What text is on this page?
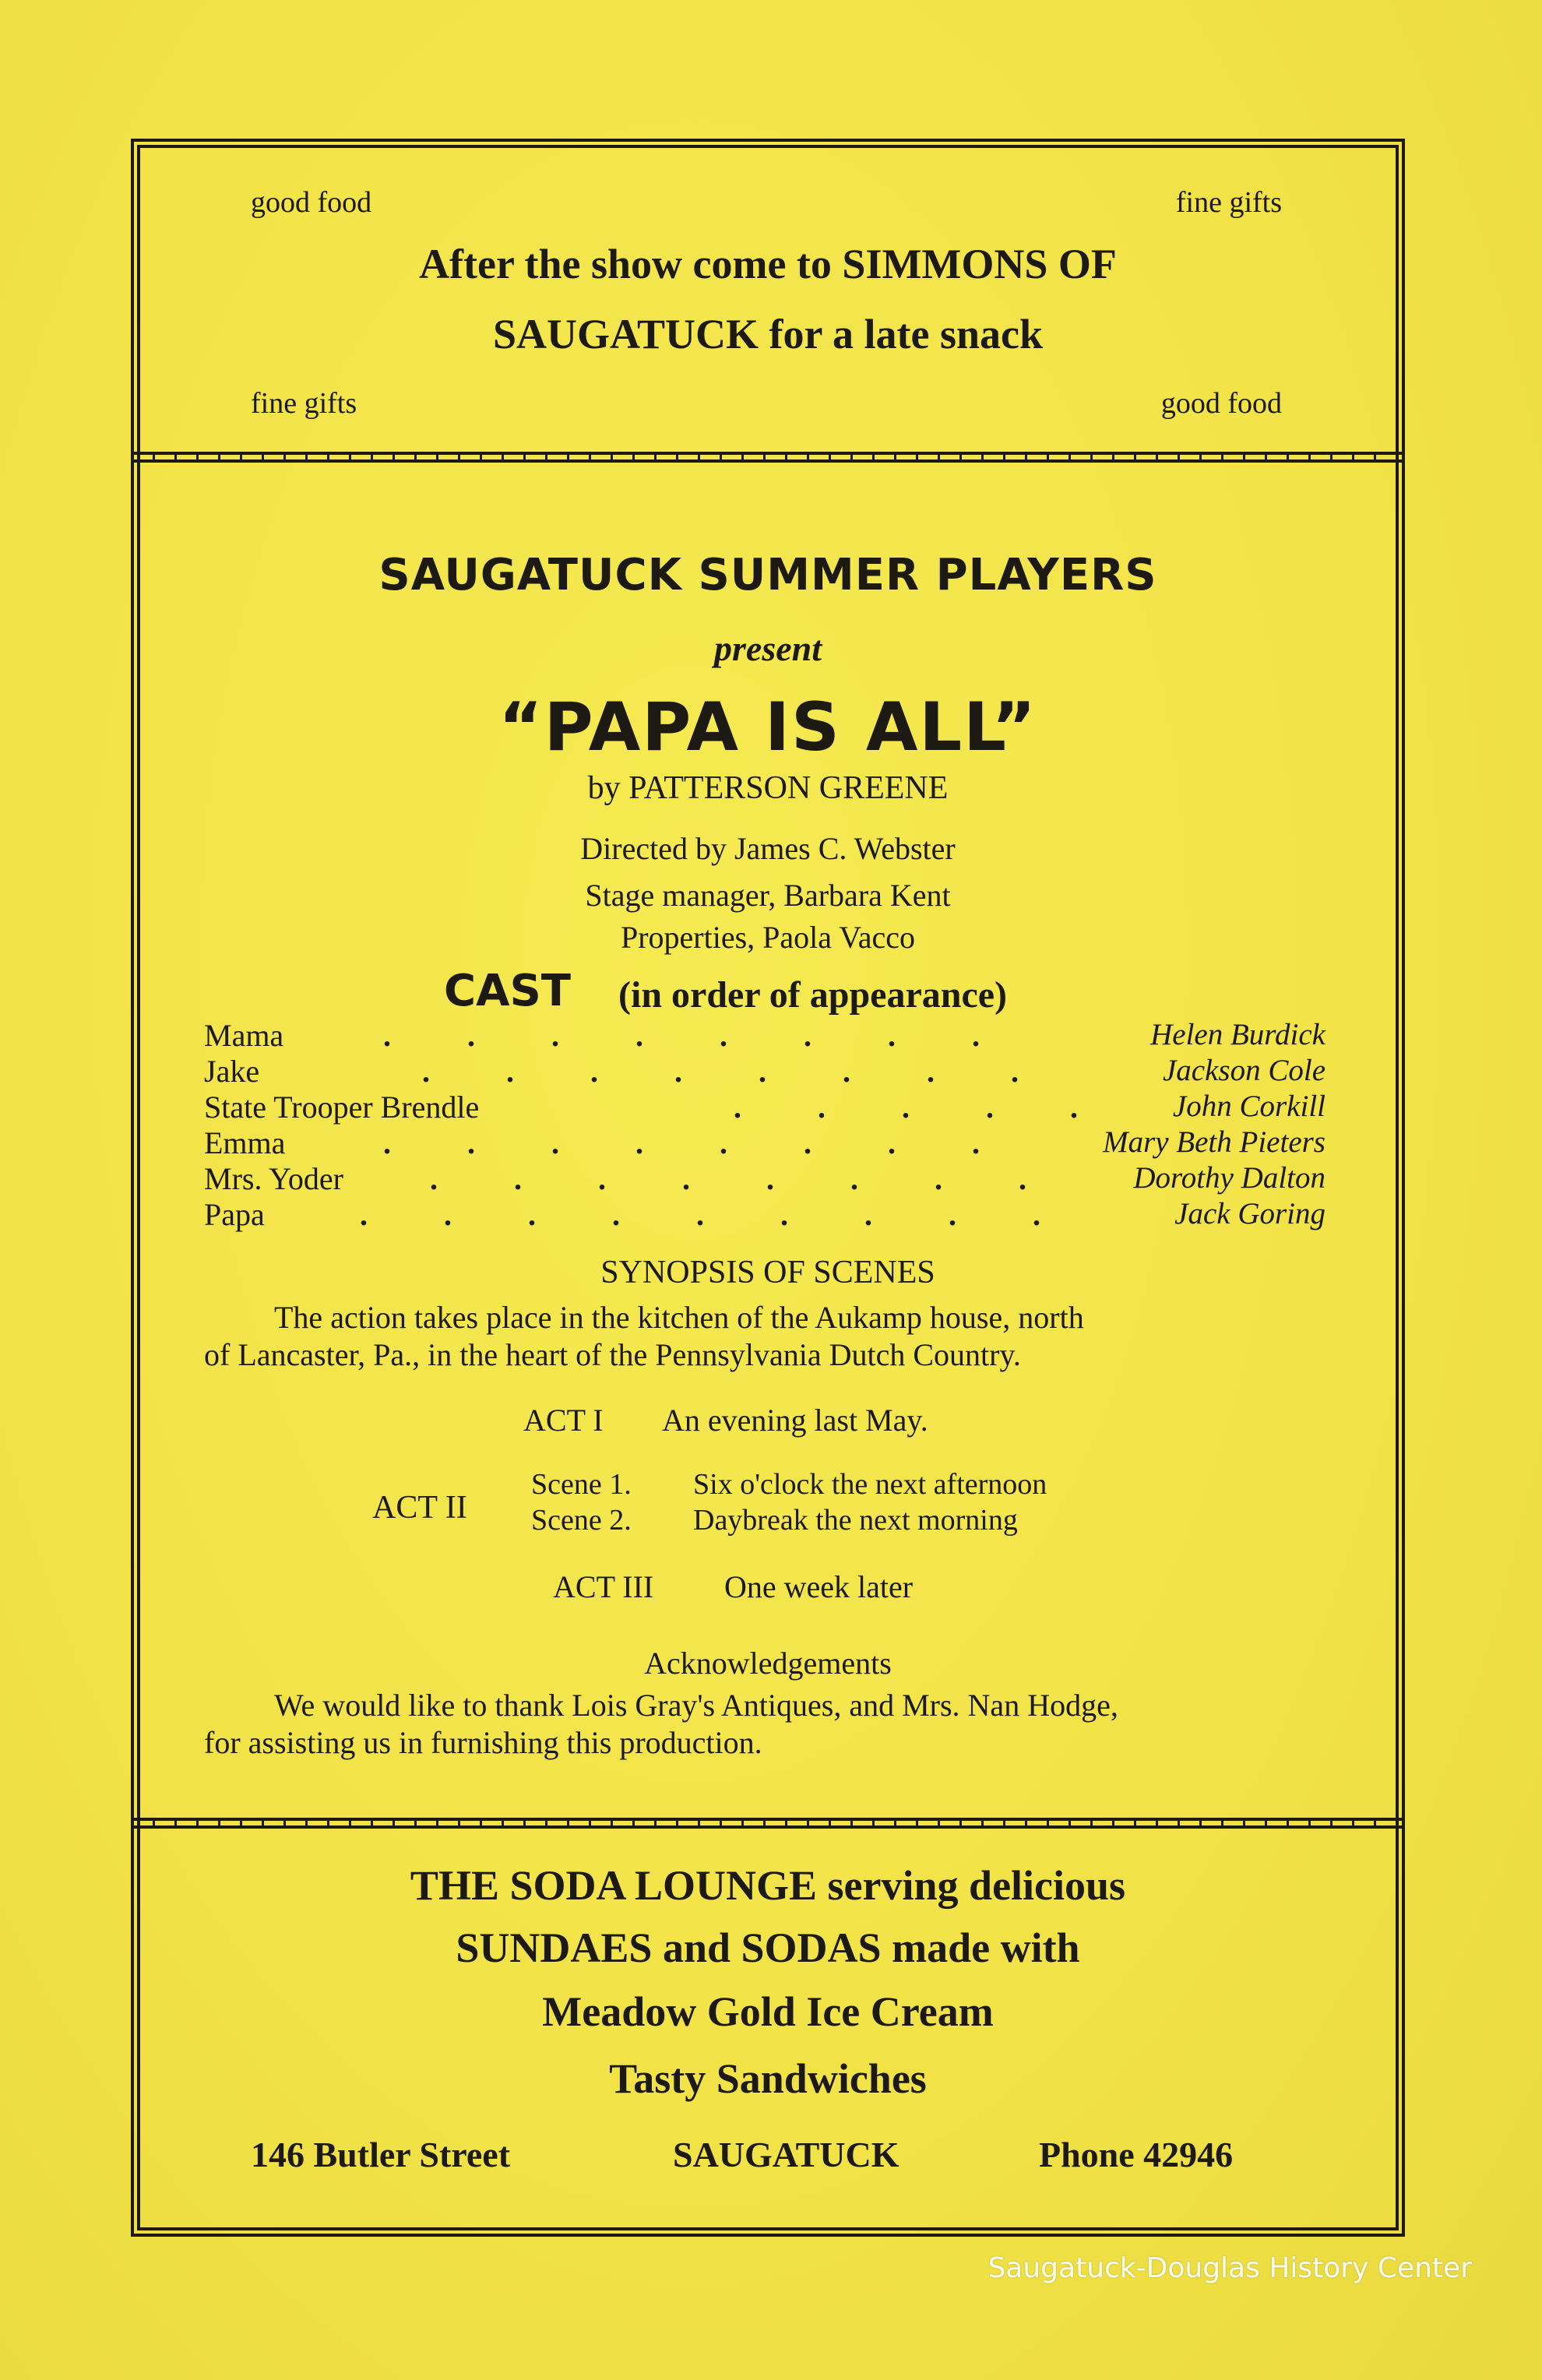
good food	fine gifts

After the show come to SIMMONS OF

SAUGATUCK for a late snack

fine gifts	good food

SAUGATUCK SUMMER PLAYERS

present

“PAPA IS ALL”

by PATTERSON GREENE

Directed by James C. Webster

Stage manager, Barbara Kent

Properties, Paola Vacco

CAST (in order of appearance)

Mama	. . . . . . . .	Helen Burdick
Jake	. . . . . . . .	Jackson Cole
State Trooper Brendle	. . . . .	John Corkill
Emma	. . . . . . . .	Mary Beth Pieters
Mrs. Yoder	. . . . . . . .	Dorothy Dalton
Papa	. . . . . . . . .	Jack Goring

SYNOPSIS OF SCENES

The action takes place in the kitchen of the Aukamp house, north

of Lancaster, Pa., in the heart of the Pennsylvania Dutch Country.

ACT I An evening last May.

ACT II

Scene 1. Six o'clock the next afternoon

Scene 2. Daybreak the next morning

ACT III One week later

Acknowledgements

We would like to thank Lois Gray's Antiques, and Mrs. Nan Hodge,

for assisting us in furnishing this production.

THE SODA LOUNGE serving delicious

SUNDAES and SODAS made with

Meadow Gold Ice Cream

Tasty Sandwiches

146 Butler Street	SAUGATUCK	Phone 42946

Saugatuck-Douglas History Center
